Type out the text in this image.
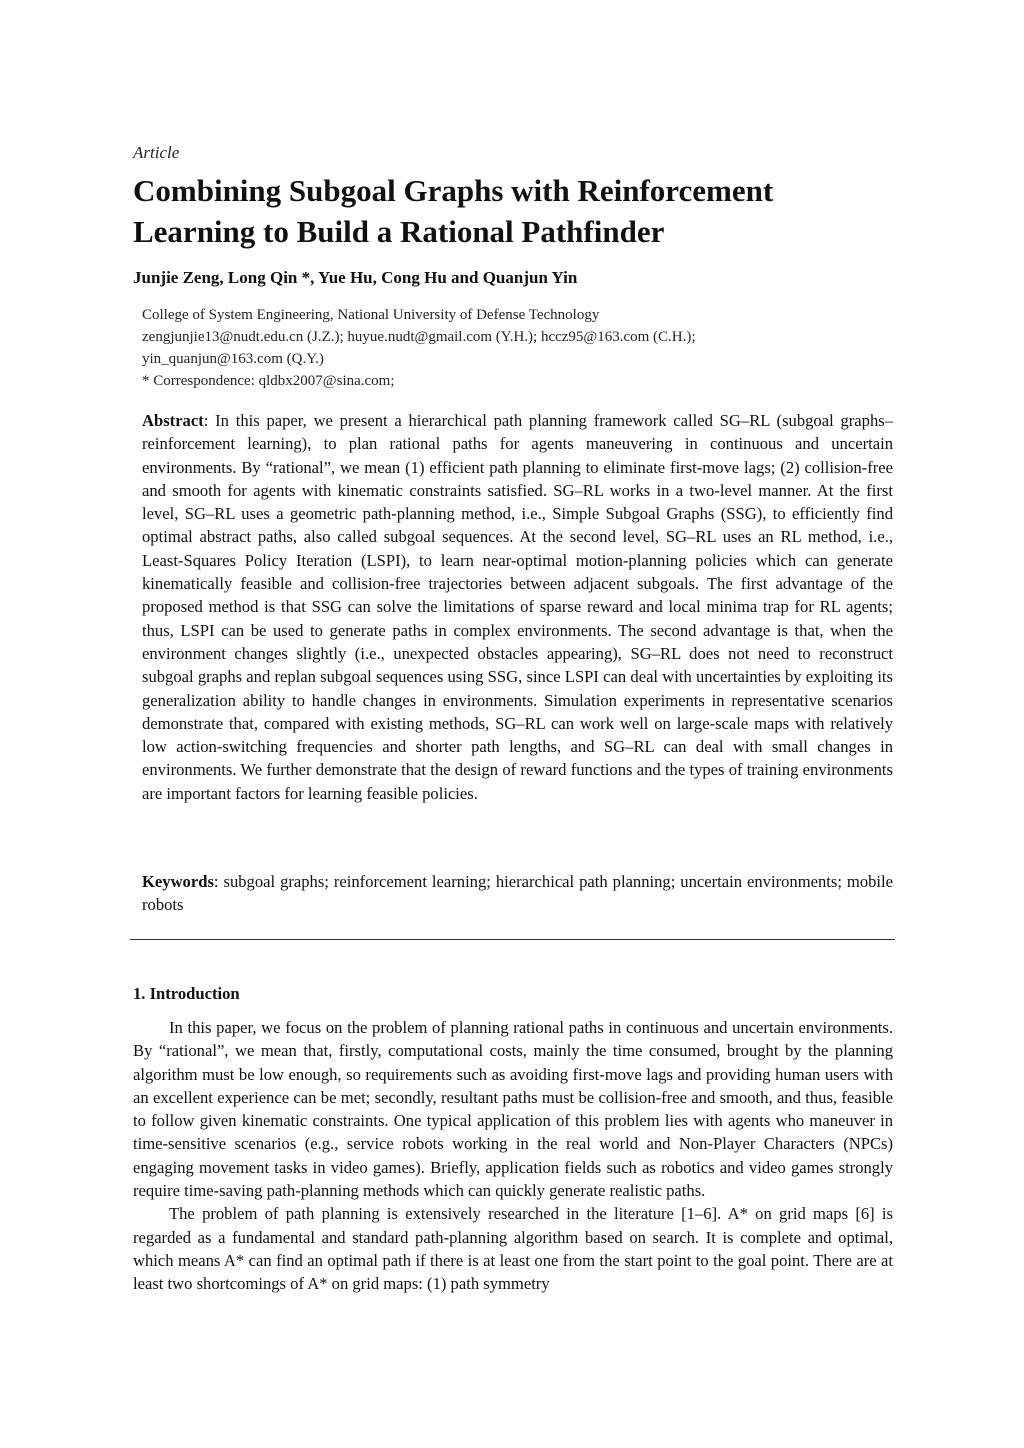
Article
Combining Subgoal Graphs with Reinforcement Learning to Build a Rational Pathfinder
Junjie Zeng, Long Qin *, Yue Hu, Cong Hu and Quanjun Yin
College of System Engineering, National University of Defense Technology
zengjunjie13@nudt.edu.cn (J.Z.); huyue.nudt@gmail.com (Y.H.); hccz95@163.com (C.H.);
yin_quanjun@163.com (Q.Y.)
* Correspondence: qldbx2007@sina.com;

Abstract: In this paper, we present a hierarchical path planning framework called SG–RL (subgoal graphs–reinforcement learning), to plan rational paths for agents maneuvering in continuous and uncertain environments. By “rational”, we mean (1) efficient path planning to eliminate first-move lags; (2) collision-free and smooth for agents with kinematic constraints satisfied. SG–RL works in a two-level manner. At the first level, SG–RL uses a geometric path-planning method, i.e., Simple Subgoal Graphs (SSG), to efficiently find optimal abstract paths, also called subgoal sequences. At the second level, SG–RL uses an RL method, i.e., Least-Squares Policy Iteration (LSPI), to learn near-optimal motion-planning policies which can generate kinematically feasible and collision-free trajectories between adjacent subgoals. The first advantage of the proposed method is that SSG can solve the limitations of sparse reward and local minima trap for RL agents; thus, LSPI can be used to generate paths in complex environments. The second advantage is that, when the environment changes slightly (i.e., unexpected obstacles appearing), SG–RL does not need to reconstruct subgoal graphs and replan subgoal sequences using SSG, since LSPI can deal with uncertainties by exploiting its generalization ability to handle changes in environments. Simulation experiments in representative scenarios demonstrate that, compared with existing methods, SG–RL can work well on large-scale maps with relatively low action-switching frequencies and shorter path lengths, and SG–RL can deal with small changes in environments. We further demonstrate that the design of reward functions and the types of training environments are important factors for learning feasible policies.

Keywords: subgoal graphs; reinforcement learning; hierarchical path planning; uncertain environments; mobile robots

1. Introduction

In this paper, we focus on the problem of planning rational paths in continuous and uncertain environments. By “rational”, we mean that, firstly, computational costs, mainly the time consumed, brought by the planning algorithm must be low enough, so requirements such as avoiding first-move lags and providing human users with an excellent experience can be met; secondly, resultant paths must be collision-free and smooth, and thus, feasible to follow given kinematic constraints. One typical application of this problem lies with agents who maneuver in time-sensitive scenarios (e.g., service robots working in the real world and Non-Player Characters (NPCs) engaging movement tasks in video games). Briefly, application fields such as robotics and video games strongly require time-saving path-planning methods which can quickly generate realistic paths.

The problem of path planning is extensively researched in the literature [1–6]. A* on grid maps [6] is regarded as a fundamental and standard path-planning algorithm based on search. It is complete and optimal, which means A* can find an optimal path if there is at least one from the start point to the goal point. There are at least two shortcomings of A* on grid maps: (1) path symmetry
